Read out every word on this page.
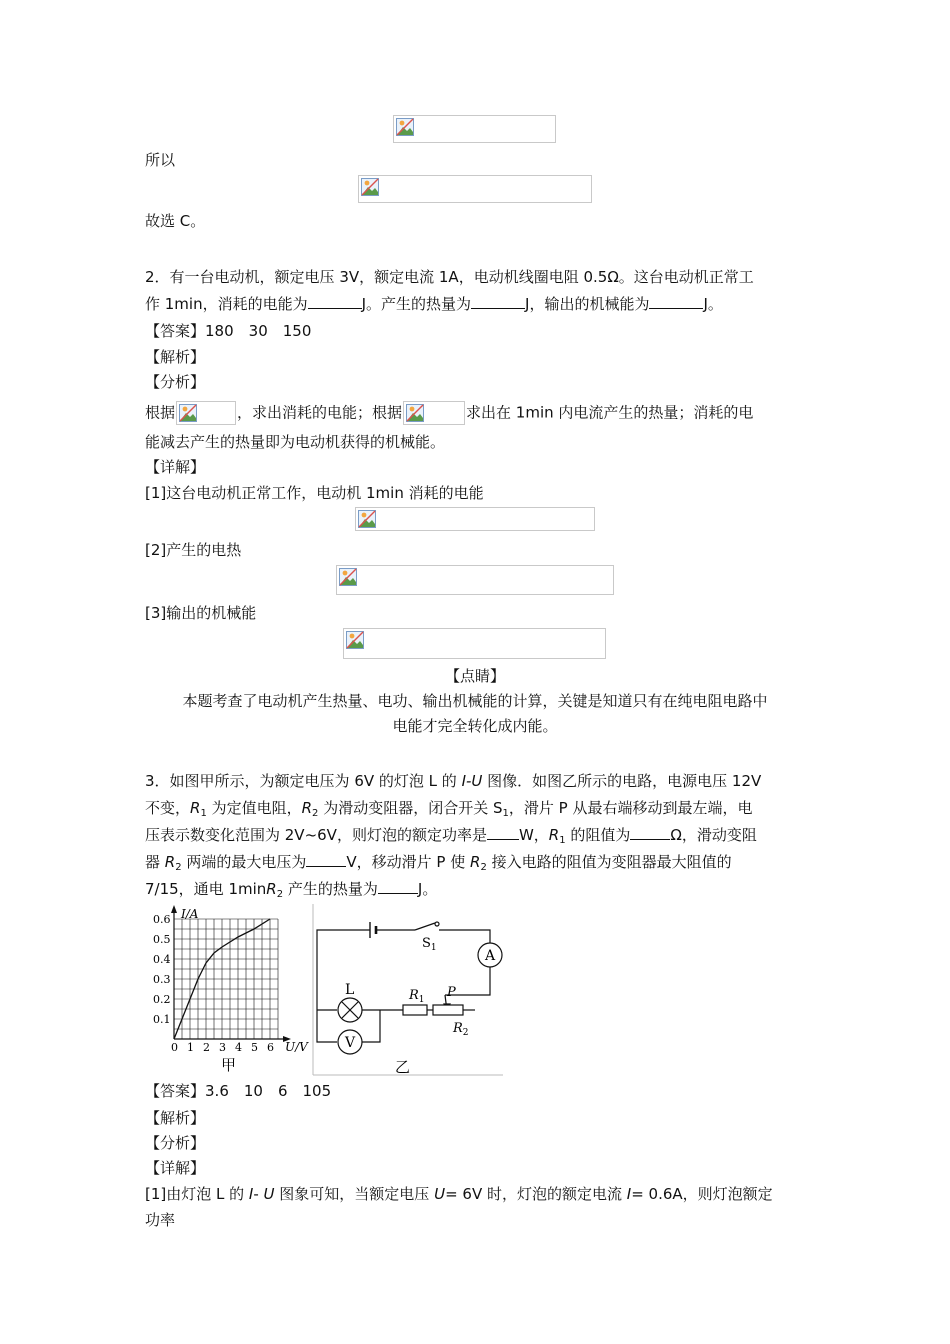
所以
故选 C。
2．有一台电动机，额定电压 3V，额定电流 1A，电动机线圈电阻 0.5Ω。这台电动机正常工
作 1min，消耗的电能为	J。产生的热量为	J，输出的机械能为	J。
【答案】180　30　150
【解析】
【分析】
根据	，求出消耗的电能；根据	求出在 1min 内电流产生的热量；消耗的电
能减去产生的热量即为电动机获得的机械能。
【详解】
[1]这台电动机正常工作，电动机 1min 消耗的电能
[2]产生的电热
[3]输出的机械能
【点睛】
本题考查了电动机产生热量、电功、输出机械能的计算，关键是知道只有在纯电阻电路中
电能才完全转化成内能。
3．如图甲所示，为额定电压为 6V 的灯泡 L 的 I-U 图像．如图乙所示的电路，电源电压 12V
不变，$R_1$ 为定值电阻，$R_2$ 为滑动变阻器，闭合开关 $S_1$，滑片 P 从最右端移动到最左端，电
压表示数变化范围为 2V~6V，则灯泡的额定功率是 W，$R_1$ 的阻值为	Ω，滑动变阻
器 $R_2$ 两端的最大电压为	V，移动滑片 P 使 $R_2$ 接入电路的阻值为变阻器最大阻值的
7/15，通电 1minR$_2$ 产生的热量为	J。
0.6
0.5
0.4
0.3
0.2
0.1
0 1 2 3 4 5 6
I/A
U/V
甲
A
V
L
$S_1$
$R_1$ P
$R_2$
乙
【答案】3.6　10　6　105
【解析】
【分析】
【详解】
[1]由灯泡 L 的 I- U 图象可知，当额定电压 U= 6V 时，灯泡的额定电流 I= 0.6A，则灯泡额定
功率
